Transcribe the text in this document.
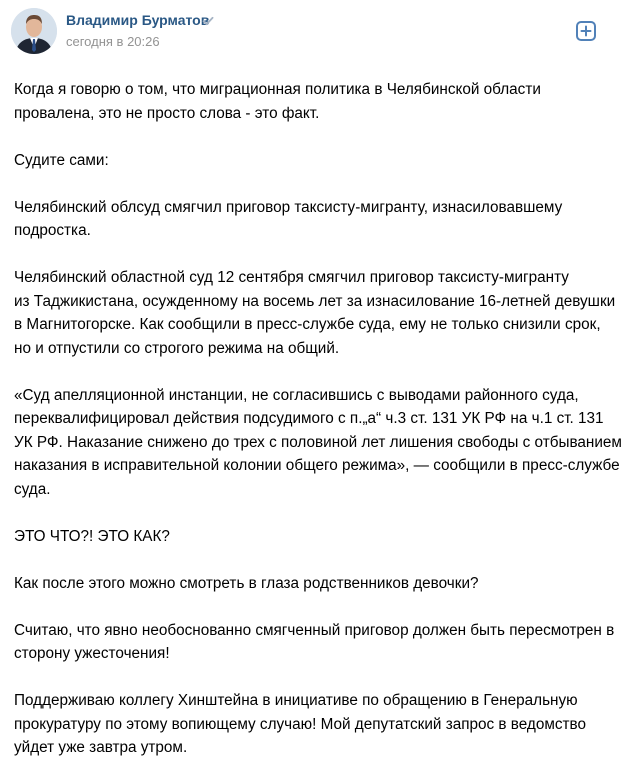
Владимир Бурматов
сегодня в 20:26

Когда я говорю о том, что миграционная политика в Челябинской области
провалена, это не просто слова - это факт.

Судите сами:

Челябинский облсуд смягчил приговор таксисту-мигранту, изнасиловавшему
подростка.

Челябинский областной суд 12 сентября смягчил приговор таксисту-мигранту
из Таджикистана, осужденному на восемь лет за изнасилование 16-летней девушки
в Магнитогорске. Как сообщили в пресс-службе суда, ему не только снизили срок,
но и отпустили со строгого режима на общий.

«Суд апелляционной инстанции, не согласившись с выводами районного суда,
переквалифицировал действия подсудимого с п.„а“ ч.3 ст. 131 УК РФ на ч.1 ст. 131
УК РФ. Наказание снижено до трех с половиной лет лишения свободы с отбыванием
наказания в исправительной колонии общего режима», — сообщили в пресс-службе
суда.

ЭТО ЧТО?! ЭТО КАК?

Как после этого можно смотреть в глаза родственников девочки?

Считаю, что явно необоснованно смягченный приговор должен быть пересмотрен в
сторону ужесточения!

Поддерживаю коллегу Хинштейна в инициативе по обращению в Генеральную
прокуратуру по этому вопиющему случаю! Мой депутатский запрос в ведомство
уйдет уже завтра утром.
